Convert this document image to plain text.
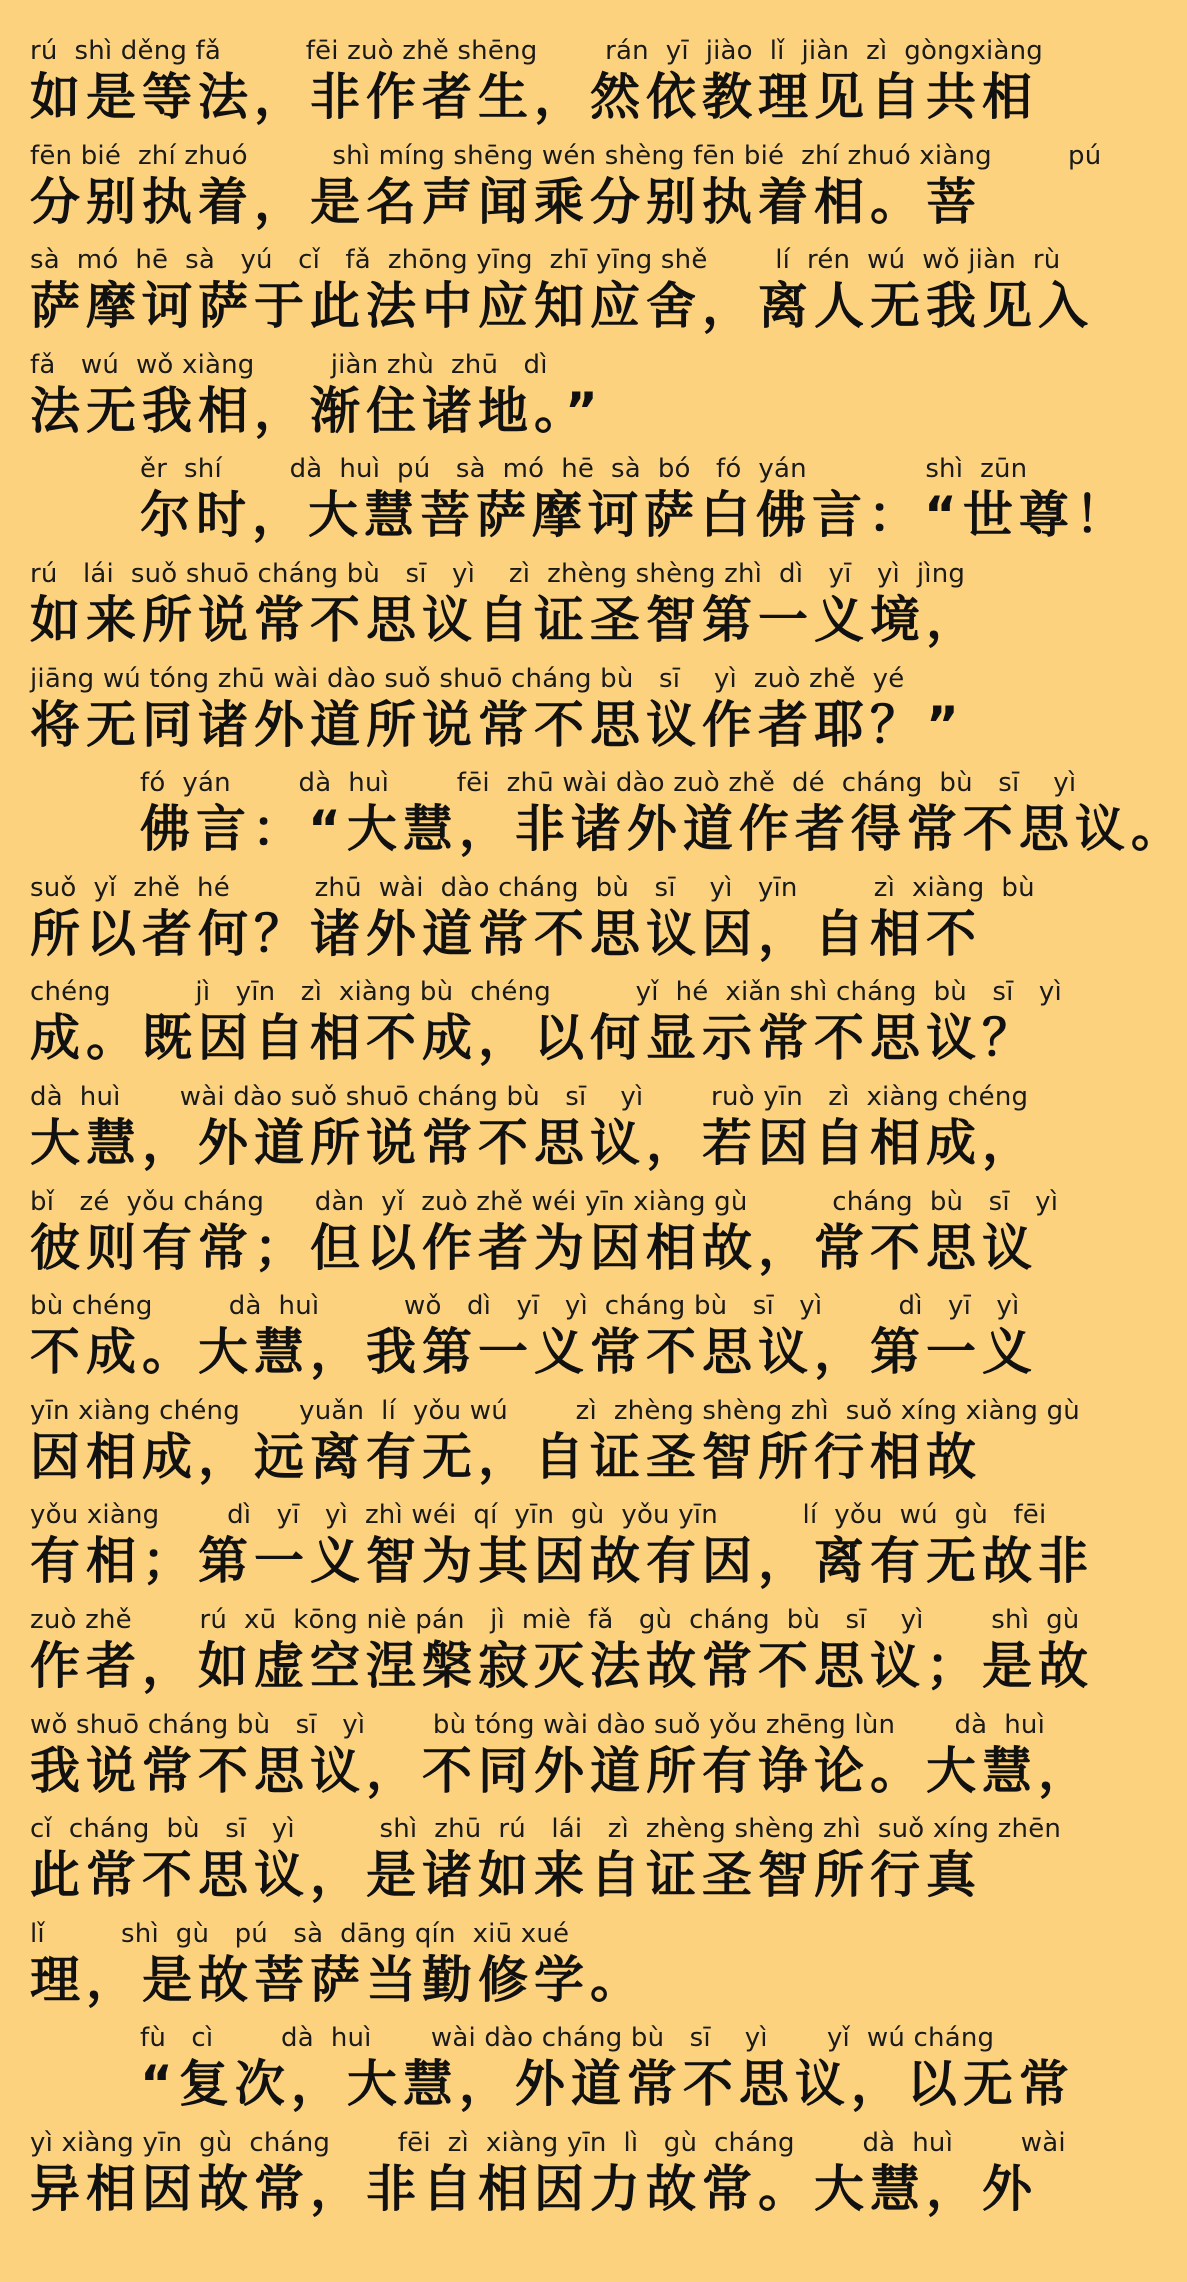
rú  shì děng fǎ          fēi zuò zhě shēng        rán  yī  jiào  lǐ  jiàn  zì  gòngxiàng
如是等法，非作者生，然依教理见自共相
fēn bié  zhí zhuó          shì míng shēng wén shèng fēn bié  zhí zhuó xiàng         pú
分别执着，是名声闻乘分别执着相。菩
sà  mó  hē  sà   yú   cǐ   fǎ  zhōng yīng  zhī yīng shě        lí  rén  wú  wǒ jiàn  rù
萨摩诃萨于此法中应知应舍，离人无我见入
fǎ   wú  wǒ xiàng         jiàn zhù  zhū   dì
法无我相，渐住诸地。”
ěr  shí        dà  huì  pú   sà  mó  hē  sà  bó   fó  yán              shì  zūn
尔时，大慧菩萨摩诃萨白佛言：“世尊！
rú   lái  suǒ shuō cháng bù   sī   yì    zì  zhèng shèng zhì  dì   yī   yì  jìng
如来所说常不思议自证圣智第一义境，
jiāng wú tóng zhū wài dào suǒ shuō cháng bù   sī    yì  zuò zhě  yé
将无同诸外道所说常不思议作者耶？”
fó  yán        dà  huì        fēi  zhū wài dào zuò zhě  dé  cháng  bù   sī    yì
佛言：“大慧，非诸外道作者得常不思议。
suǒ  yǐ  zhě  hé          zhū  wài  dào cháng  bù   sī    yì   yīn         zì  xiàng  bù
所以者何？诸外道常不思议因，自相不
chéng          jì   yīn   zì  xiàng bù  chéng          yǐ  hé  xiǎn shì cháng  bù   sī   yì
成。既因自相不成，以何显示常不思议？
dà  huì       wài dào suǒ shuō cháng bù   sī    yì        ruò yīn   zì  xiàng chéng
大慧，外道所说常不思议，若因自相成，
bǐ   zé  yǒu cháng      dàn  yǐ  zuò zhě wéi yīn xiàng gù          cháng  bù   sī   yì
彼则有常；但以作者为因相故，常不思议
bù chéng         dà  huì          wǒ   dì   yī   yì  cháng bù   sī   yì         dì   yī   yì
不成。大慧，我第一义常不思议，第一义
yīn xiàng chéng       yuǎn  lí  yǒu wú        zì  zhèng shèng zhì  suǒ xíng xiàng gù
因相成，远离有无，自证圣智所行相故
yǒu xiàng        dì   yī   yì  zhì wéi  qí  yīn  gù  yǒu yīn          lí  yǒu  wú  gù   fēi
有相；第一义智为其因故有因，离有无故非
zuò zhě        rú  xū  kōng niè pán   jì  miè  fǎ   gù  cháng  bù   sī    yì        shì  gù
作者，如虚空涅槃寂灭法故常不思议；是故
wǒ shuō cháng bù   sī   yì        bù tóng wài dào suǒ yǒu zhēng lùn       dà  huì
我说常不思议，不同外道所有诤论。大慧，
cǐ  cháng  bù   sī   yì          shì  zhū  rú   lái   zì  zhèng shèng zhì  suǒ xíng zhēn
此常不思议，是诸如来自证圣智所行真
lǐ         shì  gù   pú   sà  dāng qín  xiū xué
理，是故菩萨当勤修学。
fù   cì        dà  huì       wài dào cháng bù   sī    yì       yǐ  wú cháng
“复次，大慧，外道常不思议，以无常
yì xiàng yīn  gù  cháng        fēi  zì  xiàng yīn  lì   gù  cháng        dà  huì        wài
异相因故常，非自相因力故常。大慧，外
